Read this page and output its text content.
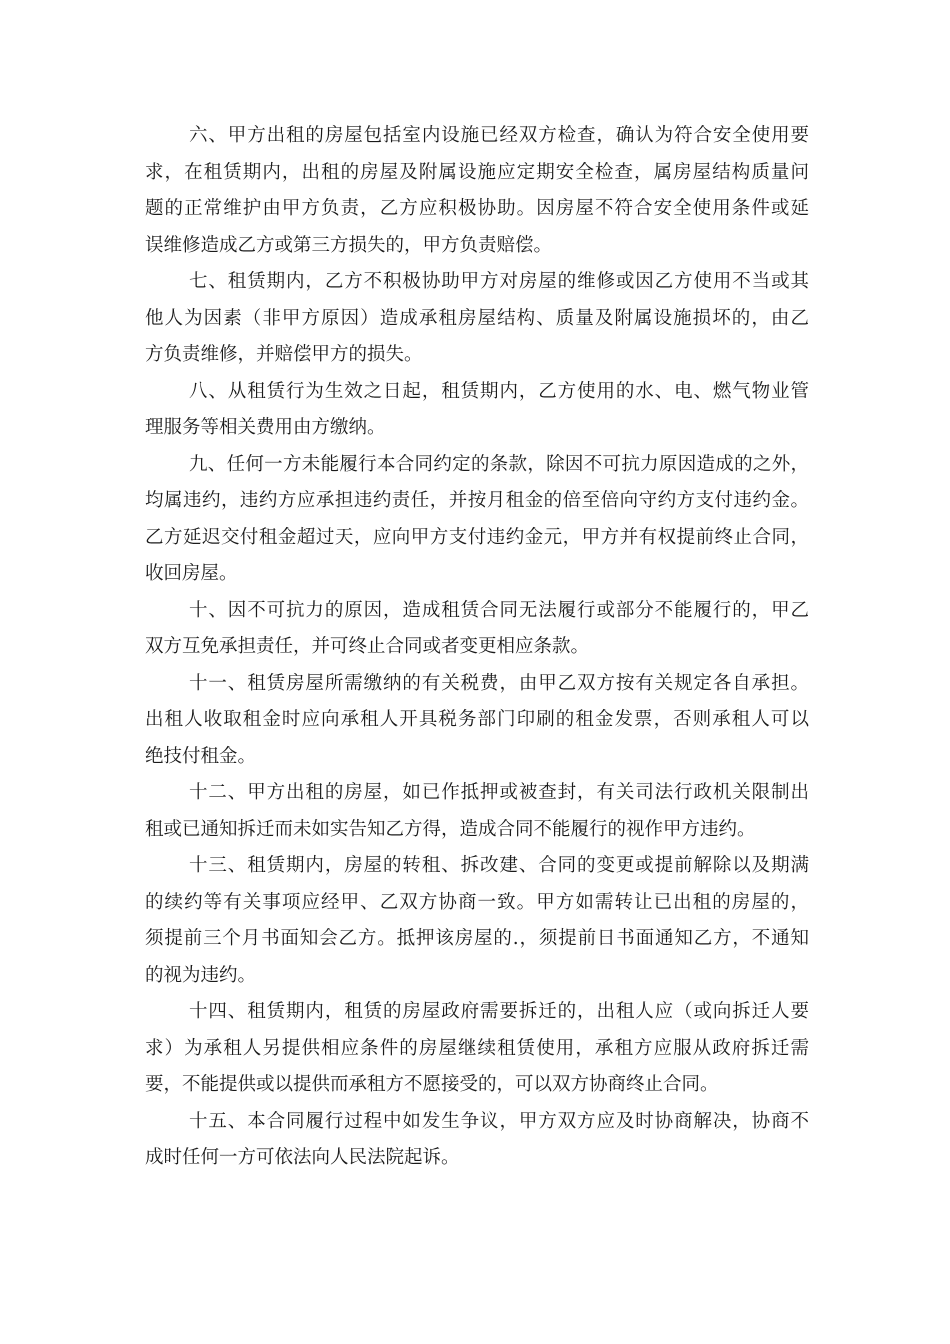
六、甲方出租的房屋包括室内设施已经双方检查，确认为符合安全使用要
求，在租赁期内，出租的房屋及附属设施应定期安全检查，属房屋结构质量问
题的正常维护由甲方负责，乙方应积极协助。因房屋不符合安全使用条件或延
误维修造成乙方或第三方损失的，甲方负责赔偿。
七、租赁期内，乙方不积极协助甲方对房屋的维修或因乙方使用不当或其
他人为因素（非甲方原因）造成承租房屋结构、质量及附属设施损坏的，由乙
方负责维修，并赔偿甲方的损失。
八、从租赁行为生效之日起，租赁期内，乙方使用的水、电、燃气物业管
理服务等相关费用由方缴纳。
九、任何一方未能履行本合同约定的条款，除因不可抗力原因造成的之外，
均属违约，违约方应承担违约责任，并按月租金的倍至倍向守约方支付违约金。
乙方延迟交付租金超过天，应向甲方支付违约金元，甲方并有权提前终止合同，
收回房屋。
十、因不可抗力的原因，造成租赁合同无法履行或部分不能履行的，甲乙
双方互免承担责任，并可终止合同或者变更相应条款。
十一、租赁房屋所需缴纳的有关税费，由甲乙双方按有关规定各自承担。
出租人收取租金时应向承租人开具税务部门印刷的租金发票，否则承租人可以
绝技付租金。
十二、甲方出租的房屋，如已作抵押或被查封，有关司法行政机关限制出
租或已通知拆迁而未如实告知乙方得，造成合同不能履行的视作甲方违约。
十三、租赁期内，房屋的转租、拆改建、合同的变更或提前解除以及期满
的续约等有关事项应经甲、乙双方协商一致。甲方如需转让已出租的房屋的，
须提前三个月书面知会乙方。抵押该房屋的.，须提前日书面通知乙方，不通知
的视为违约。
十四、租赁期内，租赁的房屋政府需要拆迁的，出租人应（或向拆迁人要
求）为承租人另提供相应条件的房屋继续租赁使用，承租方应服从政府拆迁需
要，不能提供或以提供而承租方不愿接受的，可以双方协商终止合同。
十五、本合同履行过程中如发生争议，甲方双方应及时协商解决，协商不
成时任何一方可依法向人民法院起诉。
